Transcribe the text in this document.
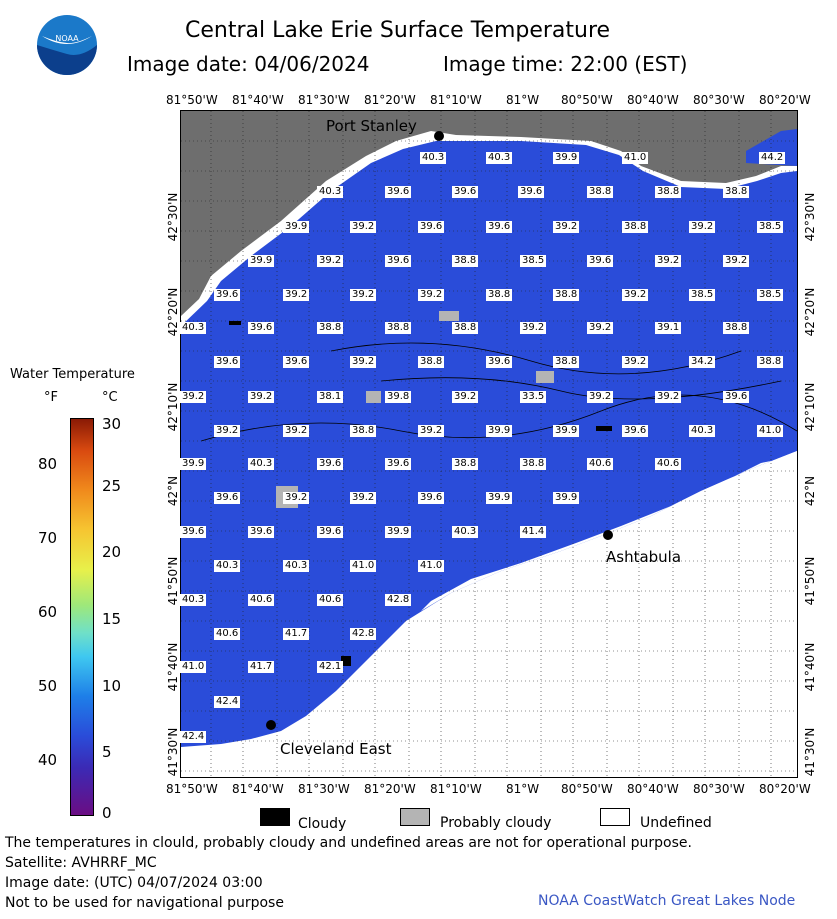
NOAA	Central Lake Erie Surface Temperature
Image date: 04/06/2024	Image time: 22:00 (EST)
81°50'W 81°40'W 81°30'W 81°20'W 81°10'W 81°W 80°50'W 80°40'W 80°30'W 80°20'W
81°50'W 81°40'W 81°30'W 81°20'W 81°10'W 81°W 80°50'W 80°40'W 80°30'W 80°20'W
42°30'N
42°20'N
42°10'N
42°N
41°50'N
41°40'N
41°30'N
42°30'N
42°20'N
42°10'N
42°N
41°50'N
41°40'N
41°30'N
Port Stanley
Ashtabula
Cleveland East
40.3	40.3	39.9	41.0	44.2
40.3	39.6	39.6	39.6	38.8	38.8	38.8
39.9	39.2	39.6	39.6	39.2	38.8	39.2	38.5
39.9	39.2	39.6	38.8	38.5	39.6	39.2	39.2
39.6	39.2	39.2	39.2	38.8	38.8	39.2	38.5	38.5
40.3	39.6	38.8	38.8	38.8	39.2	39.2	39.1	38.8
39.6	39.6	39.2	38.8	39.6	38.8	39.2	34.2	38.8
39.2	39.2	38.1	39.8	39.2	33.5	39.2	39.2	39.6
39.2	39.2	38.8	39.2	39.9	39.9	39.6	40.3	41.0
39.9	40.3	39.6	39.6	38.8	38.8	40.6	40.6
39.6	39.2	39.2	39.6	39.9	39.9
39.6	39.6	39.6	39.9	40.3	41.4
40.3	40.3	41.0	41.0
40.3	40.6	40.6	42.8
40.6	41.7	42.8
41.0	41.7	42.1
42.4
42.4
Water Temperature
°F	°C
80
70
60
50
40
30
25
20
15
10
5
0
Cloudy	Probably cloudy	Undefined
The temperatures in clould, probably cloudy and undefined areas are not for operational purpose.
Satellite: AVHRRF_MC
Image date: (UTC) 04/07/2024 03:00
Not to be used for navigational purpose	NOAA CoastWatch Great Lakes Node
